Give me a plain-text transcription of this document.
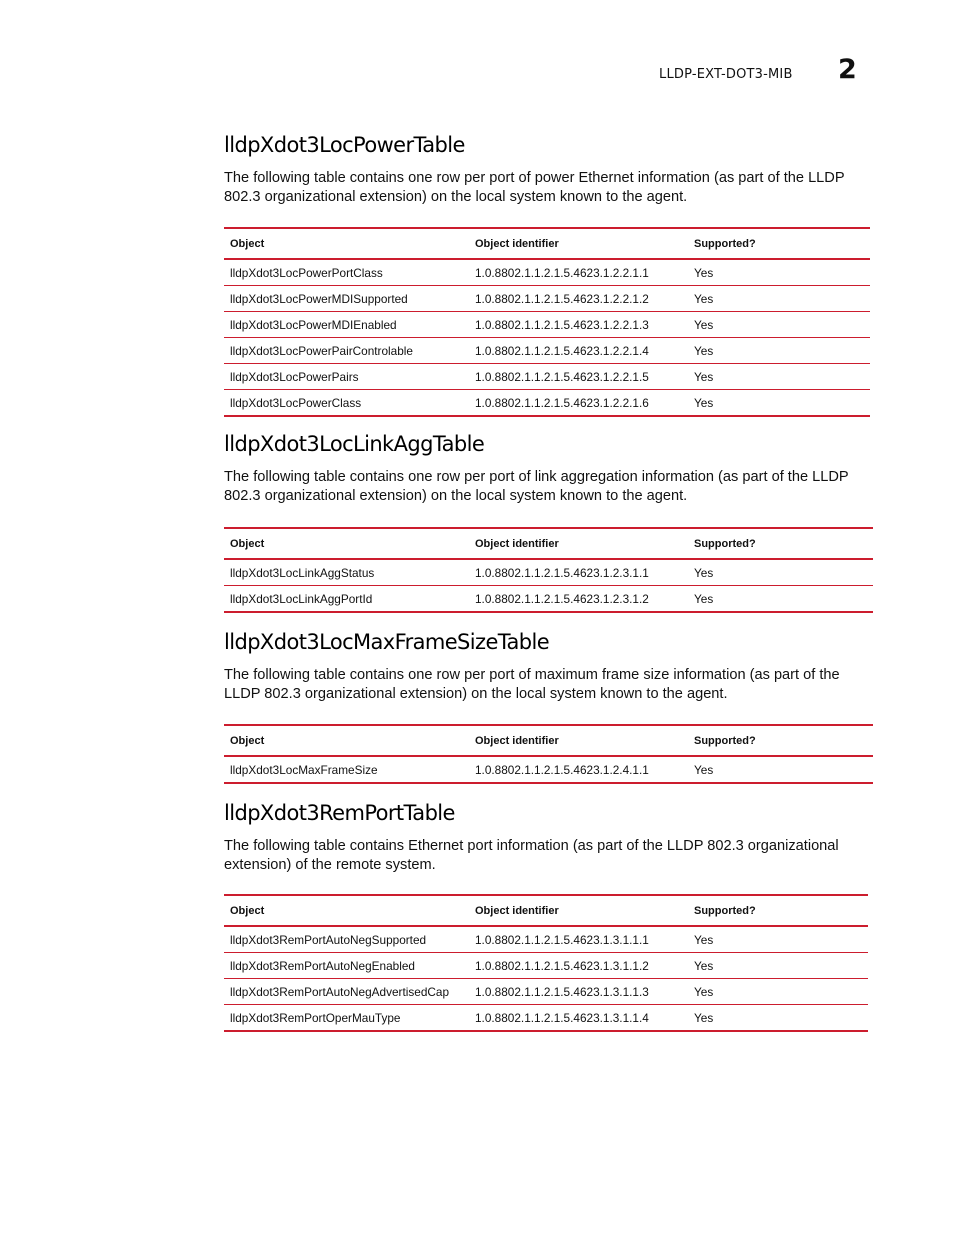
LLDP-EXT-DOT3-MIB 2
lldpXdot3LocPowerTable

The following table contains one row per port of power Ethernet information (as part of the LLDP 802.3 organizational extension) on the local system known to the agent.

Object	Object identifier	Supported?
lldpXdot3LocPowerPortClass	1.0.8802.1.1.2.1.5.4623.1.2.2.1.1	Yes
lldpXdot3LocPowerMDISupported	1.0.8802.1.1.2.1.5.4623.1.2.2.1.2	Yes
lldpXdot3LocPowerMDIEnabled	1.0.8802.1.1.2.1.5.4623.1.2.2.1.3	Yes
lldpXdot3LocPowerPairControlable	1.0.8802.1.1.2.1.5.4623.1.2.2.1.4	Yes
lldpXdot3LocPowerPairs	1.0.8802.1.1.2.1.5.4623.1.2.2.1.5	Yes
lldpXdot3LocPowerClass	1.0.8802.1.1.2.1.5.4623.1.2.2.1.6	Yes
lldpXdot3LocLinkAggTable

The following table contains one row per port of link aggregation information (as part of the LLDP 802.3 organizational extension) on the local system known to the agent.

Object	Object identifier	Supported?
lldpXdot3LocLinkAggStatus	1.0.8802.1.1.2.1.5.4623.1.2.3.1.1	Yes
lldpXdot3LocLinkAggPortId	1.0.8802.1.1.2.1.5.4623.1.2.3.1.2	Yes
lldpXdot3LocMaxFrameSizeTable

The following table contains one row per port of maximum frame size information (as part of the LLDP 802.3 organizational extension) on the local system known to the agent.

Object	Object identifier	Supported?
lldpXdot3LocMaxFrameSize	1.0.8802.1.1.2.1.5.4623.1.2.4.1.1	Yes
lldpXdot3RemPortTable

The following table contains Ethernet port information (as part of the LLDP 802.3 organizational extension) of the remote system.

Object	Object identifier	Supported?
lldpXdot3RemPortAutoNegSupported	1.0.8802.1.1.2.1.5.4623.1.3.1.1.1	Yes
lldpXdot3RemPortAutoNegEnabled	1.0.8802.1.1.2.1.5.4623.1.3.1.1.2	Yes
lldpXdot3RemPortAutoNegAdvertisedCap	1.0.8802.1.1.2.1.5.4623.1.3.1.1.3	Yes
lldpXdot3RemPortOperMauType	1.0.8802.1.1.2.1.5.4623.1.3.1.1.4	Yes
